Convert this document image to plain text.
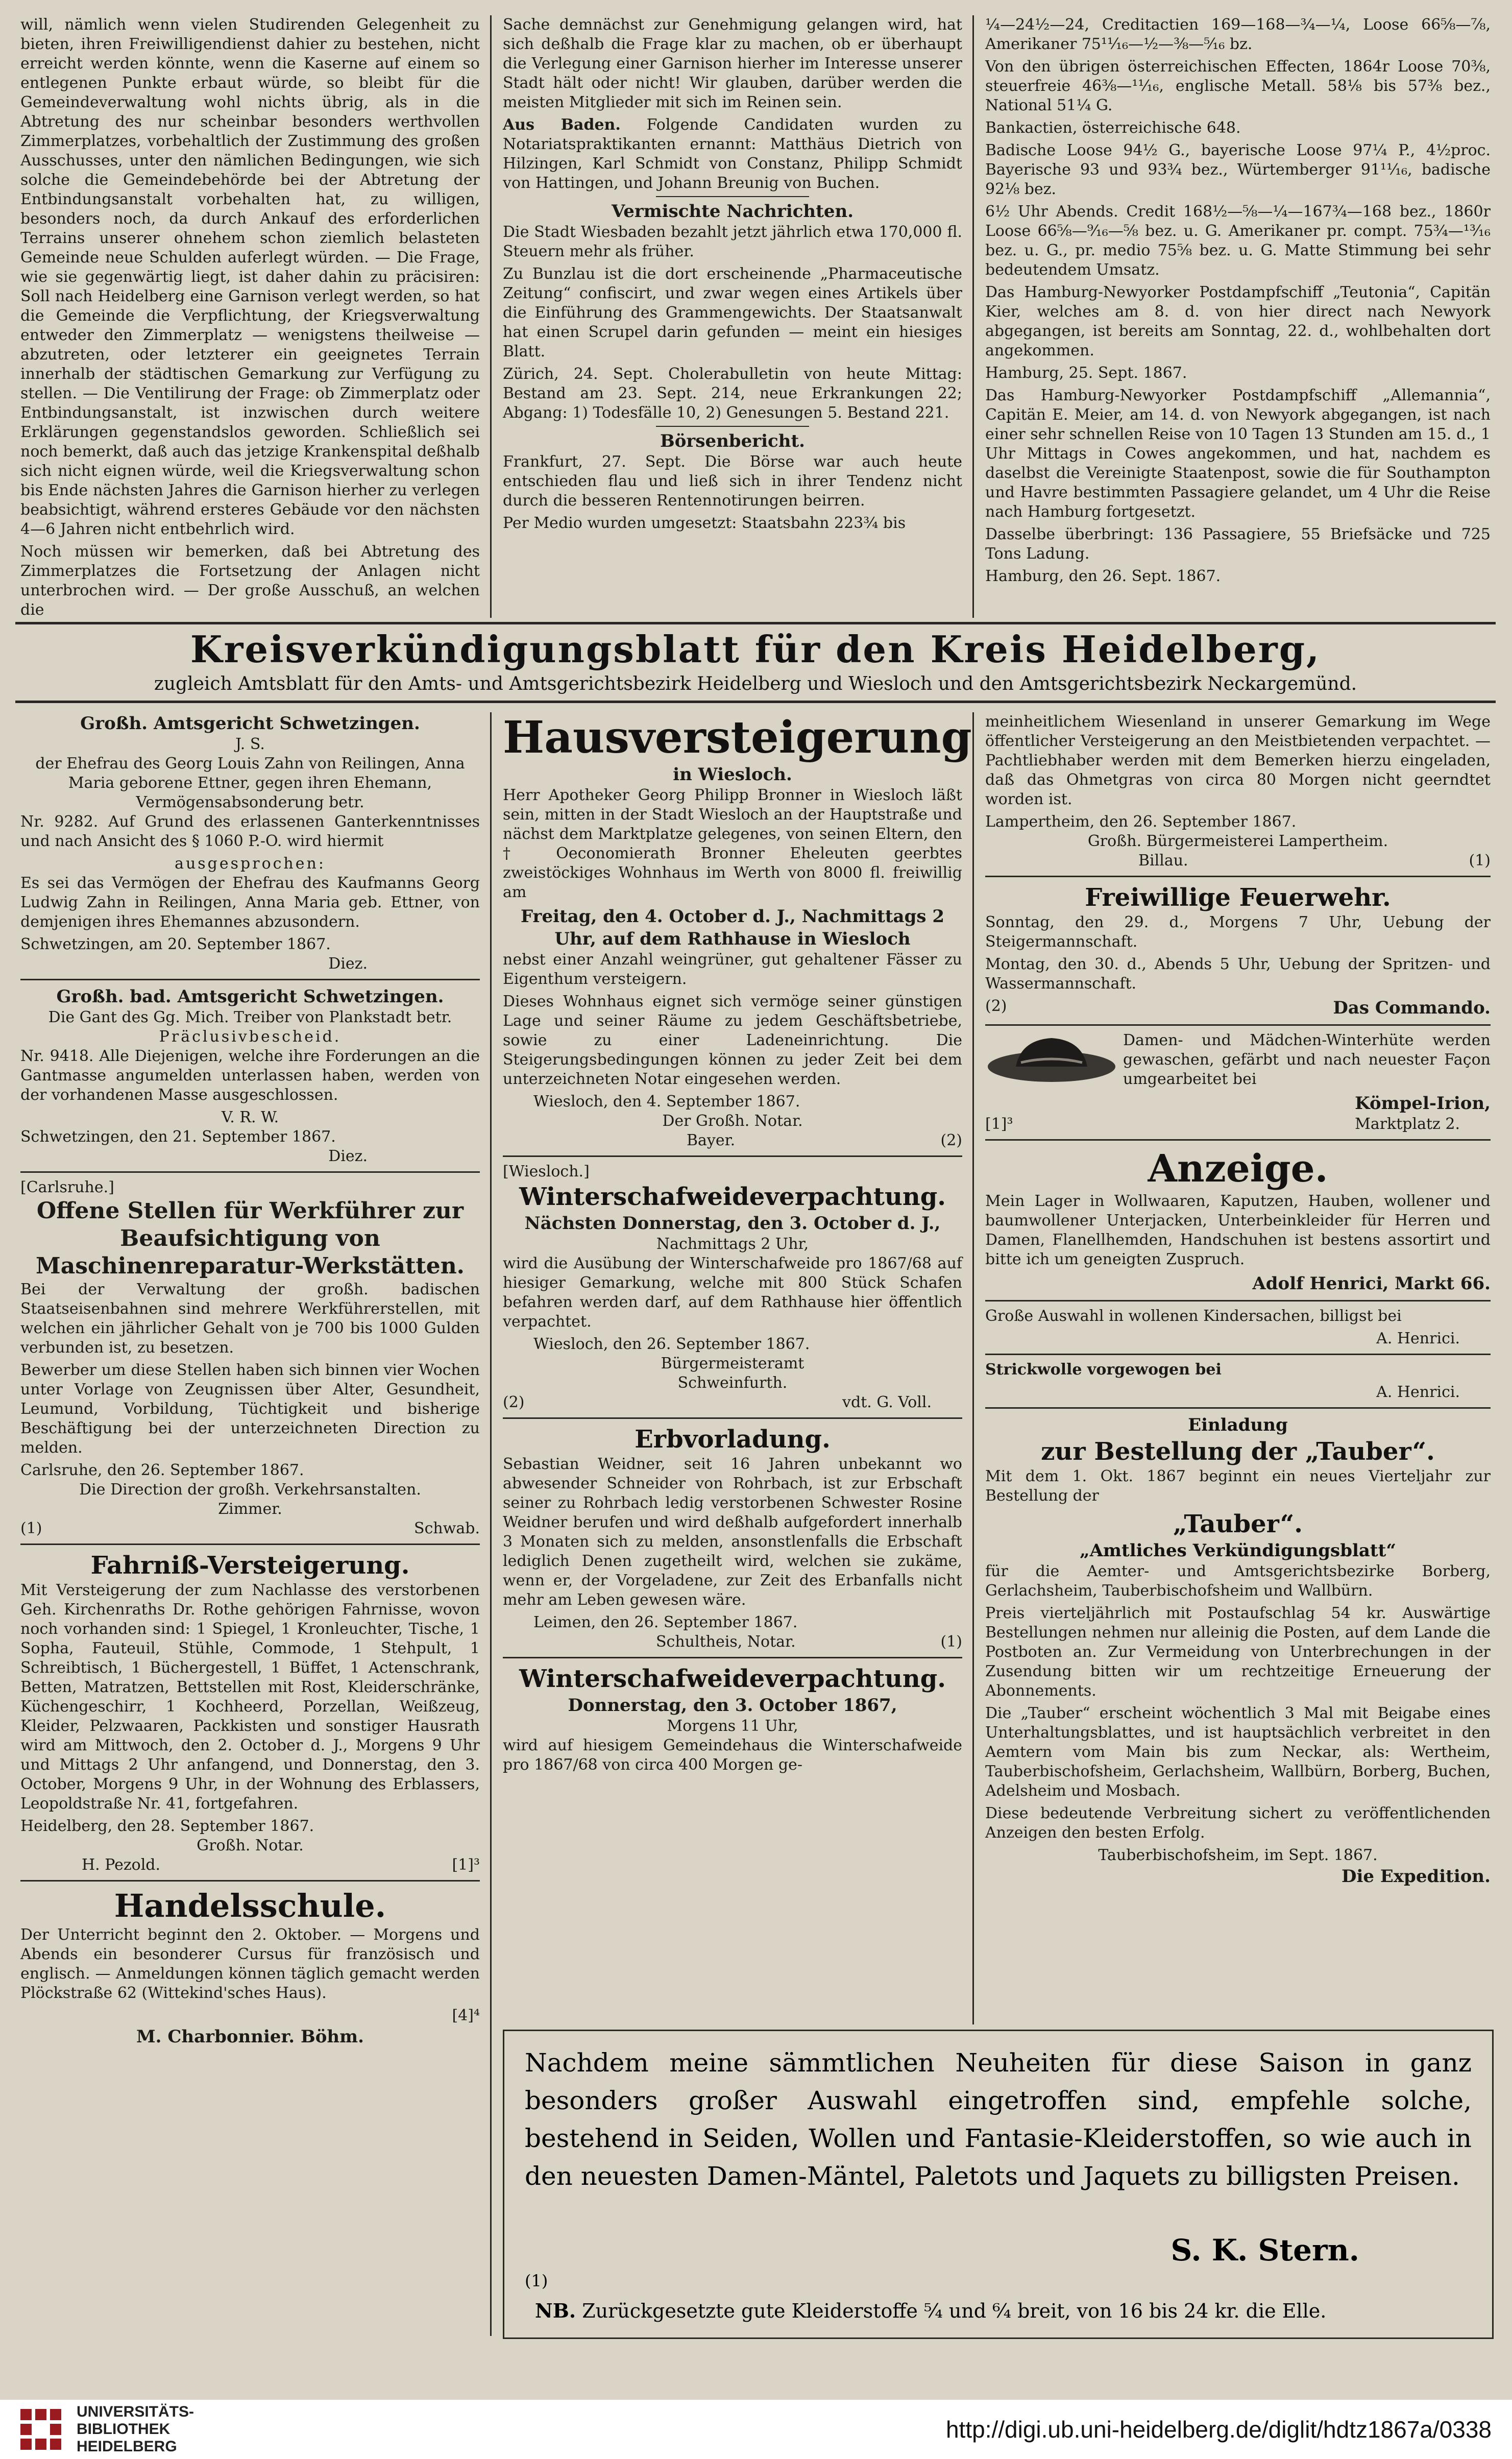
will, nämlich wenn vielen Studirenden Gelegenheit zu bieten, ihren Freiwilligendienst dahier zu bestehen, nicht erreicht werden könnte, wenn die Kaserne auf einem so entlegenen Punkte erbaut würde, so bleibt für die Gemeindeverwaltung wohl nichts übrig, als in die Abtretung des nur scheinbar besonders werthvollen Zimmerplatzes, vorbehaltlich der Zustimmung des großen Ausschusses, unter den nämlichen Bedingungen, wie sich solche die Gemeindebehörde bei der Abtretung der Entbindungsanstalt vorbehalten hat, zu willigen, besonders noch, da durch Ankauf des erforderlichen Terrains unserer ohnehem schon ziemlich belasteten Gemeinde neue Schulden auferlegt würden. — Die Frage, wie sie gegenwärtig liegt, ist daher dahin zu präcisiren: Soll nach Heidelberg eine Garnison verlegt werden, so hat die Gemeinde die Verpflichtung, der Kriegsverwaltung entweder den Zimmerplatz — wenigstens theilweise — abzutreten, oder letzterer ein geeignetes Terrain innerhalb der städtischen Gemarkung zur Verfügung zu stellen. — Die Ventilirung der Frage: ob Zimmerplatz oder Entbindungsanstalt, ist inzwischen durch weitere Erklärungen gegenstandslos geworden. Schließlich sei noch bemerkt, daß auch das jetzige Krankenspital deßhalb sich nicht eignen würde, weil die Kriegsverwaltung schon bis Ende nächsten Jahres die Garnison hierher zu verlegen beabsichtigt, während ersteres Gebäude vor den nächsten 4—6 Jahren nicht entbehrlich wird.

Noch müssen wir bemerken, daß bei Abtretung des Zimmerplatzes die Fortsetzung der Anlagen nicht unterbrochen wird. — Der große Ausschuß, an welchen die

Sache demnächst zur Genehmigung gelangen wird, hat sich deßhalb die Frage klar zu machen, ob er überhaupt die Verlegung einer Garnison hierher im Interesse unserer Stadt hält oder nicht! Wir glauben, darüber werden die meisten Mitglieder mit sich im Reinen sein.

Aus Baden. Folgende Candidaten wurden zu Notariatspraktikanten ernannt: Matthäus Dietrich von Hilzingen, Karl Schmidt von Constanz, Philipp Schmidt von Hattingen, und Johann Breunig von Buchen.

Vermischte Nachrichten.

Die Stadt Wiesbaden bezahlt jetzt jährlich etwa 170,000 fl. Steuern mehr als früher.

Zu Bunzlau ist die dort erscheinende „Pharmaceutische Zeitung“ confiscirt, und zwar wegen eines Artikels über die Einführung des Grammengewichts. Der Staatsanwalt hat einen Scrupel darin gefunden — meint ein hiesiges Blatt.

Zürich, 24. Sept. Cholerabulletin von heute Mittag: Bestand am 23. Sept. 214, neue Erkrankungen 22; Abgang: 1) Todesfälle 10, 2) Genesungen 5. Bestand 221.

Börsenbericht.

Frankfurt, 27. Sept. Die Börse war auch heute entschieden flau und ließ sich in ihrer Tendenz nicht durch die besseren Rentennotirungen beirren.

Per Medio wurden umgesetzt: Staatsbahn 223¾ bis

¼—24½—24, Creditactien 169—168—¾—¼, Loose 66⅝—⅞, Amerikaner 75¹¹⁄₁₆—½—⅜—⁵⁄₁₆ bz.

Von den übrigen österreichischen Effecten, 1864r Loose 70⅜, steuerfreie 46⅜—¹¹⁄₁₆, englische Metall. 58⅛ bis 57⅜ bez., National 51¼ G.

Bankactien, österreichische 648.

Badische Loose 94½ G., bayerische Loose 97¼ P., 4½proc. Bayerische 93 und 93¾ bez., Würtemberger 91¹¹⁄₁₆, badische 92⅛ bez.

6½ Uhr Abends. Credit 168½—⅝—¼—167¾—168 bez., 1860r Loose 66⅝—⁹⁄₁₆—⅝ bez. u. G. Amerikaner pr. compt. 75¾—¹³⁄₁₆ bez. u. G., pr. medio 75⅝ bez. u. G. Matte Stimmung bei sehr bedeutendem Umsatz.

Das Hamburg-Newyorker Postdampfschiff „Teutonia“, Capitän Kier, welches am 8. d. von hier direct nach Newyork abgegangen, ist bereits am Sonntag, 22. d., wohlbehalten dort angekommen.

Hamburg, 25. Sept. 1867.

Das Hamburg-Newyorker Postdampfschiff „Allemannia“, Capitän E. Meier, am 14. d. von Newyork abgegangen, ist nach einer sehr schnellen Reise von 10 Tagen 13 Stunden am 15. d., 1 Uhr Mittags in Cowes angekommen, und hat, nachdem es daselbst die Vereinigte Staatenpost, sowie die für Southampton und Havre bestimmten Passagiere gelandet, um 4 Uhr die Reise nach Hamburg fortgesetzt.

Dasselbe überbringt: 136 Passagiere, 55 Briefsäcke und 725 Tons Ladung.

Hamburg, den 26. Sept. 1867.

Kreisverkündigungsblatt für den Kreis Heidelberg,
zugleich Amtsblatt für den Amts- und Amtsgerichtsbezirk Heidelberg und Wiesloch und den Amtsgerichtsbezirk Neckargemünd.
Großh. Amtsgericht Schwetzingen.
J. S.
der Ehefrau des Georg Louis Zahn von Reilingen, Anna Maria geborene Ettner, gegen ihren Ehemann, Vermögensabsonderung betr.

Nr. 9282. Auf Grund des erlassenen Ganterkenntnisses und nach Ansicht des § 1060 P.-O. wird hiermit

ausgesprochen:

Es sei das Vermögen der Ehefrau des Kaufmanns Georg Ludwig Zahn in Reilingen, Anna Maria geb. Ettner, von demjenigen ihres Ehemannes abzusondern.

Schwetzingen, am 20. September 1867.
Diez.
Großh. bad. Amtsgericht Schwetzingen.
Die Gant des Gg. Mich. Treiber von Plankstadt betr.
Präclusivbescheid.

Nr. 9418. Alle Diejenigen, welche ihre Forderungen an die Gantmasse angumelden unterlassen haben, werden von der vorhandenen Masse ausgeschlossen.

V. R. W.
Schwetzingen, den 21. September 1867.
Diez.
[Carlsruhe.]
Offene Stellen für Werkführer zur Beaufsichtigung von Maschinenreparatur-Werkstätten.

Bei der Verwaltung der großh. badischen Staatseisenbahnen sind mehrere Werkführerstellen, mit welchen ein jährlicher Gehalt von je 700 bis 1000 Gulden verbunden ist, zu besetzen.

Bewerber um diese Stellen haben sich binnen vier Wochen unter Vorlage von Zeugnissen über Alter, Gesundheit, Leumund, Vorbildung, Tüchtigkeit und bisherige Beschäftigung bei der unterzeichneten Direction zu melden.

Carlsruhe, den 26. September 1867.
Die Direction der großh. Verkehrsanstalten.
Zimmer.
(1)	Schwab.
Fahrniß-Versteigerung.

Mit Versteigerung der zum Nachlasse des verstorbenen Geh. Kirchenraths Dr. Rothe gehörigen Fahrnisse, wovon noch vorhanden sind: 1 Spiegel, 1 Kronleuchter, Tische, 1 Sopha, Fauteuil, Stühle, Commode, 1 Stehpult, 1 Schreibtisch, 1 Büchergestell, 1 Büffet, 1 Actenschrank, Betten, Matratzen, Bettstellen mit Rost, Kleiderschränke, Küchengeschirr, 1 Kochheerd, Porzellan, Weißzeug, Kleider, Pelzwaaren, Packkisten und sonstiger Hausrath wird am Mittwoch, den 2. October d. J., Morgens 9 Uhr und Mittags 2 Uhr anfangend, und Donnerstag, den 3. October, Morgens 9 Uhr, in der Wohnung des Erblassers, Leopoldstraße Nr. 41, fortgefahren.

Heidelberg, den 28. September 1867.
Großh. Notar.
H. Pezold.	[1]³
Handelsschule.

Der Unterricht beginnt den 2. Oktober. — Morgens und Abends ein besonderer Cursus für französisch und englisch. — Anmeldungen können täglich gemacht werden Plöckstraße 62 (Wittekind'sches Haus).

[4]⁴
M. Charbonnier. Böhm.
Hausversteigerung
in Wiesloch.

Herr Apotheker Georg Philipp Bronner in Wiesloch läßt sein, mitten in der Stadt Wiesloch an der Hauptstraße und nächst dem Marktplatze gelegenes, von seinen Eltern, den † Oeconomierath Bronner Eheleuten geerbtes zweistöckiges Wohnhaus im Werth von 8000 fl. freiwillig am

Freitag, den 4. October d. J., Nachmittags 2 Uhr, auf dem Rathhause in Wiesloch

nebst einer Anzahl weingrüner, gut gehaltener Fässer zu Eigenthum versteigern.

Dieses Wohnhaus eignet sich vermöge seiner günstigen Lage und seiner Räume zu jedem Geschäftsbetriebe, sowie zu einer Ladeneinrichtung. Die Steigerungsbedingungen können zu jeder Zeit bei dem unterzeichneten Notar eingesehen werden.

Wiesloch, den 4. September 1867.
Der Großh. Notar.
Bayer.	(2)
[Wiesloch.]
Winterschafweideverpachtung.
Nächsten Donnerstag, den 3. October d. J.,
Nachmittags 2 Uhr,

wird die Ausübung der Winterschafweide pro 1867/68 auf hiesiger Gemarkung, welche mit 800 Stück Schafen befahren werden darf, auf dem Rathhause hier öffentlich verpachtet.

Wiesloch, den 26. September 1867.
Bürgermeisteramt
Schweinfurth.
(2)	vdt. G. Voll.
Erbvorladung.

Sebastian Weidner, seit 16 Jahren unbekannt wo abwesender Schneider von Rohrbach, ist zur Erbschaft seiner zu Rohrbach ledig verstorbenen Schwester Rosine Weidner berufen und wird deßhalb aufgefordert innerhalb 3 Monaten sich zu melden, ansonstlenfalls die Erbschaft lediglich Denen zugetheilt wird, welchen sie zukäme, wenn er, der Vorgeladene, zur Zeit des Erbanfalls nicht mehr am Leben gewesen wäre.

Leimen, den 26. September 1867.
Schultheis, Notar.	(1)
Winterschafweideverpachtung.
Donnerstag, den 3. October 1867,
Morgens 11 Uhr,

wird auf hiesigem Gemeindehaus die Winterschafweide pro 1867/68 von circa 400 Morgen ge-

meinheitlichem Wiesenland in unserer Gemarkung im Wege öffentlicher Versteigerung an den Meistbietenden verpachtet. — Pachtliebhaber werden mit dem Bemerken hierzu eingeladen, daß das Ohmetgras von circa 80 Morgen nicht geerndtet worden ist.

Lampertheim, den 26. September 1867.
Großh. Bürgermeisterei Lampertheim.
Billau.	(1)
Freiwillige Feuerwehr.

Sonntag, den 29. d., Morgens 7 Uhr, Uebung der Steigermannschaft.

Montag, den 30. d., Abends 5 Uhr, Uebung der Spritzen- und Wassermannschaft.

(2)	Das Commando.

Damen- und Mädchen-Winterhüte werden gewaschen, gefärbt und nach neuester Façon umgearbeitet bei

Kömpel-Irion,
[1]³	Marktplatz 2.
Anzeige.

Mein Lager in Wollwaaren, Kaputzen, Hauben, wollener und baumwollener Unterjacken, Unterbeinkleider für Herren und Damen, Flanellhemden, Handschuhen ist bestens assortirt und bitte ich um geneigten Zuspruch.

Adolf Henrici, Markt 66.

Große Auswahl in wollenen Kindersachen, billigst bei

A. Henrici.

Strickwolle vorgewogen bei

A. Henrici.
Einladung
zur Bestellung der „Tauber“.

Mit dem 1. Okt. 1867 beginnt ein neues Vierteljahr zur Bestellung der

„Tauber“.
„Amtliches Verkündigungsblatt“

für die Aemter- und Amtsgerichtsbezirke Borberg, Gerlachsheim, Tauberbischofsheim und Wallbürn.

Preis vierteljährlich mit Postaufschlag 54 kr. Auswärtige Bestellungen nehmen nur alleinig die Posten, auf dem Lande die Postboten an. Zur Vermeidung von Unterbrechungen in der Zusendung bitten wir um rechtzeitige Erneuerung der Abonnements.

Die „Tauber“ erscheint wöchentlich 3 Mal mit Beigabe eines Unterhaltungsblattes, und ist hauptsächlich verbreitet in den Aemtern vom Main bis zum Neckar, als: Wertheim, Tauberbischofsheim, Gerlachsheim, Wallbürn, Borberg, Buchen, Adelsheim und Mosbach.

Diese bedeutende Verbreitung sichert zu veröffentlichenden Anzeigen den besten Erfolg.

Tauberbischofsheim, im Sept. 1867.
Die Expedition.
Nachdem meine sämmtlichen Neuheiten für diese Saison in ganz besonders großer Auswahl eingetroffen sind, empfehle solche, bestehend in Seiden, Wollen und Fantasie-Kleiderstoffen, so wie auch in den neuesten Damen-Mäntel, Paletots und Jaquets zu billigsten Preisen.
S. K. Stern.
(1)
NB. Zurückgesetzte gute Kleiderstoffe ⁵⁄₄ und ⁶⁄₄ breit, von 16 bis 24 kr. die Elle.
UNIVERSITÄTS-
BIBLIOTHEK
HEIDELBERG
http://digi.ub.uni-heidelberg.de/diglit/hdtz1867a/0338
